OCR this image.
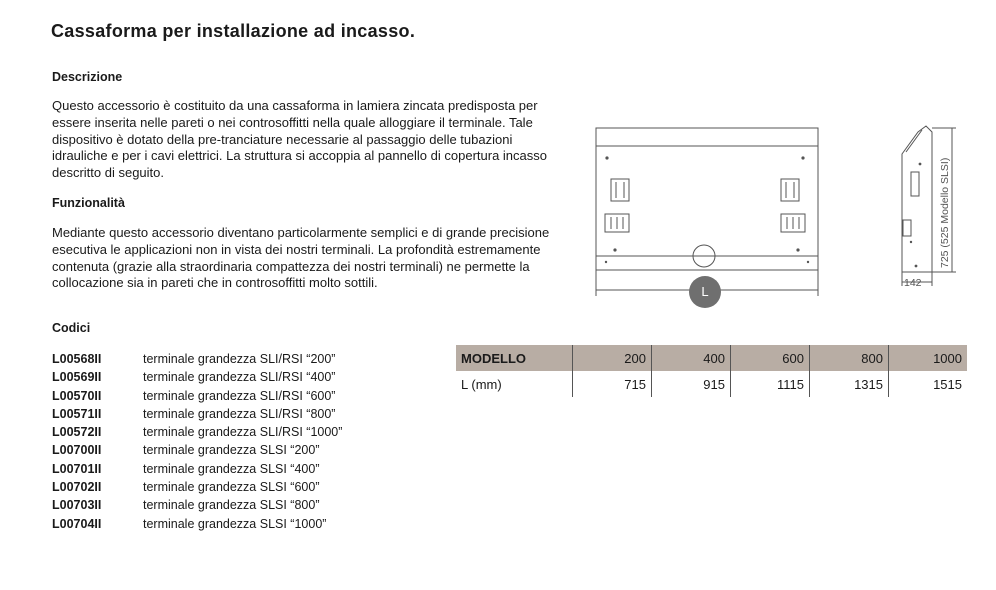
Cassaforma per installazione ad incasso.
Descrizione
Questo accessorio è costituito da una cassaforma in lamiera zincata predisposta per essere inserita nelle pareti o nei controsoffitti nella quale alloggiare il terminale. Tale dispositivo è dotato della pre-tranciature necessarie al passaggio delle tubazioni idrauliche e per i cavi elettrici. La struttura si accoppia al pannello di copertura incasso descritto di seguito.
Funzionalità
Mediante questo accessorio diventano particolarmente semplici e di grande precisione esecutiva le applicazioni non in vista dei nostri terminali. La profondità estremamente contenuta (grazie alla straordinaria compattezza dei nostri terminali) ne permette la collocazione sia in pareti che in controsoffitti molto sottili.
Codici
L00568II	terminale grandezza SLI/RSI “200”
L00569II	terminale grandezza SLI/RSI “400”
L00570II	terminale grandezza SLI/RSI “600”
L00571II	terminale grandezza SLI/RSI “800”
L00572II	terminale grandezza SLI/RSI “1000”
L00700II	terminale grandezza SLSI “200”
L00701II	terminale grandezza SLSI “400”
L00702II	terminale grandezza SLSI “600”
L00703II	terminale grandezza SLSI “800”
L00704II	terminale grandezza SLSI “1000”
L
142
725 (525 Modello SLSI)
MODELLO	200	400	600	800	1000
L (mm)	715	915	1115	1315	1515
